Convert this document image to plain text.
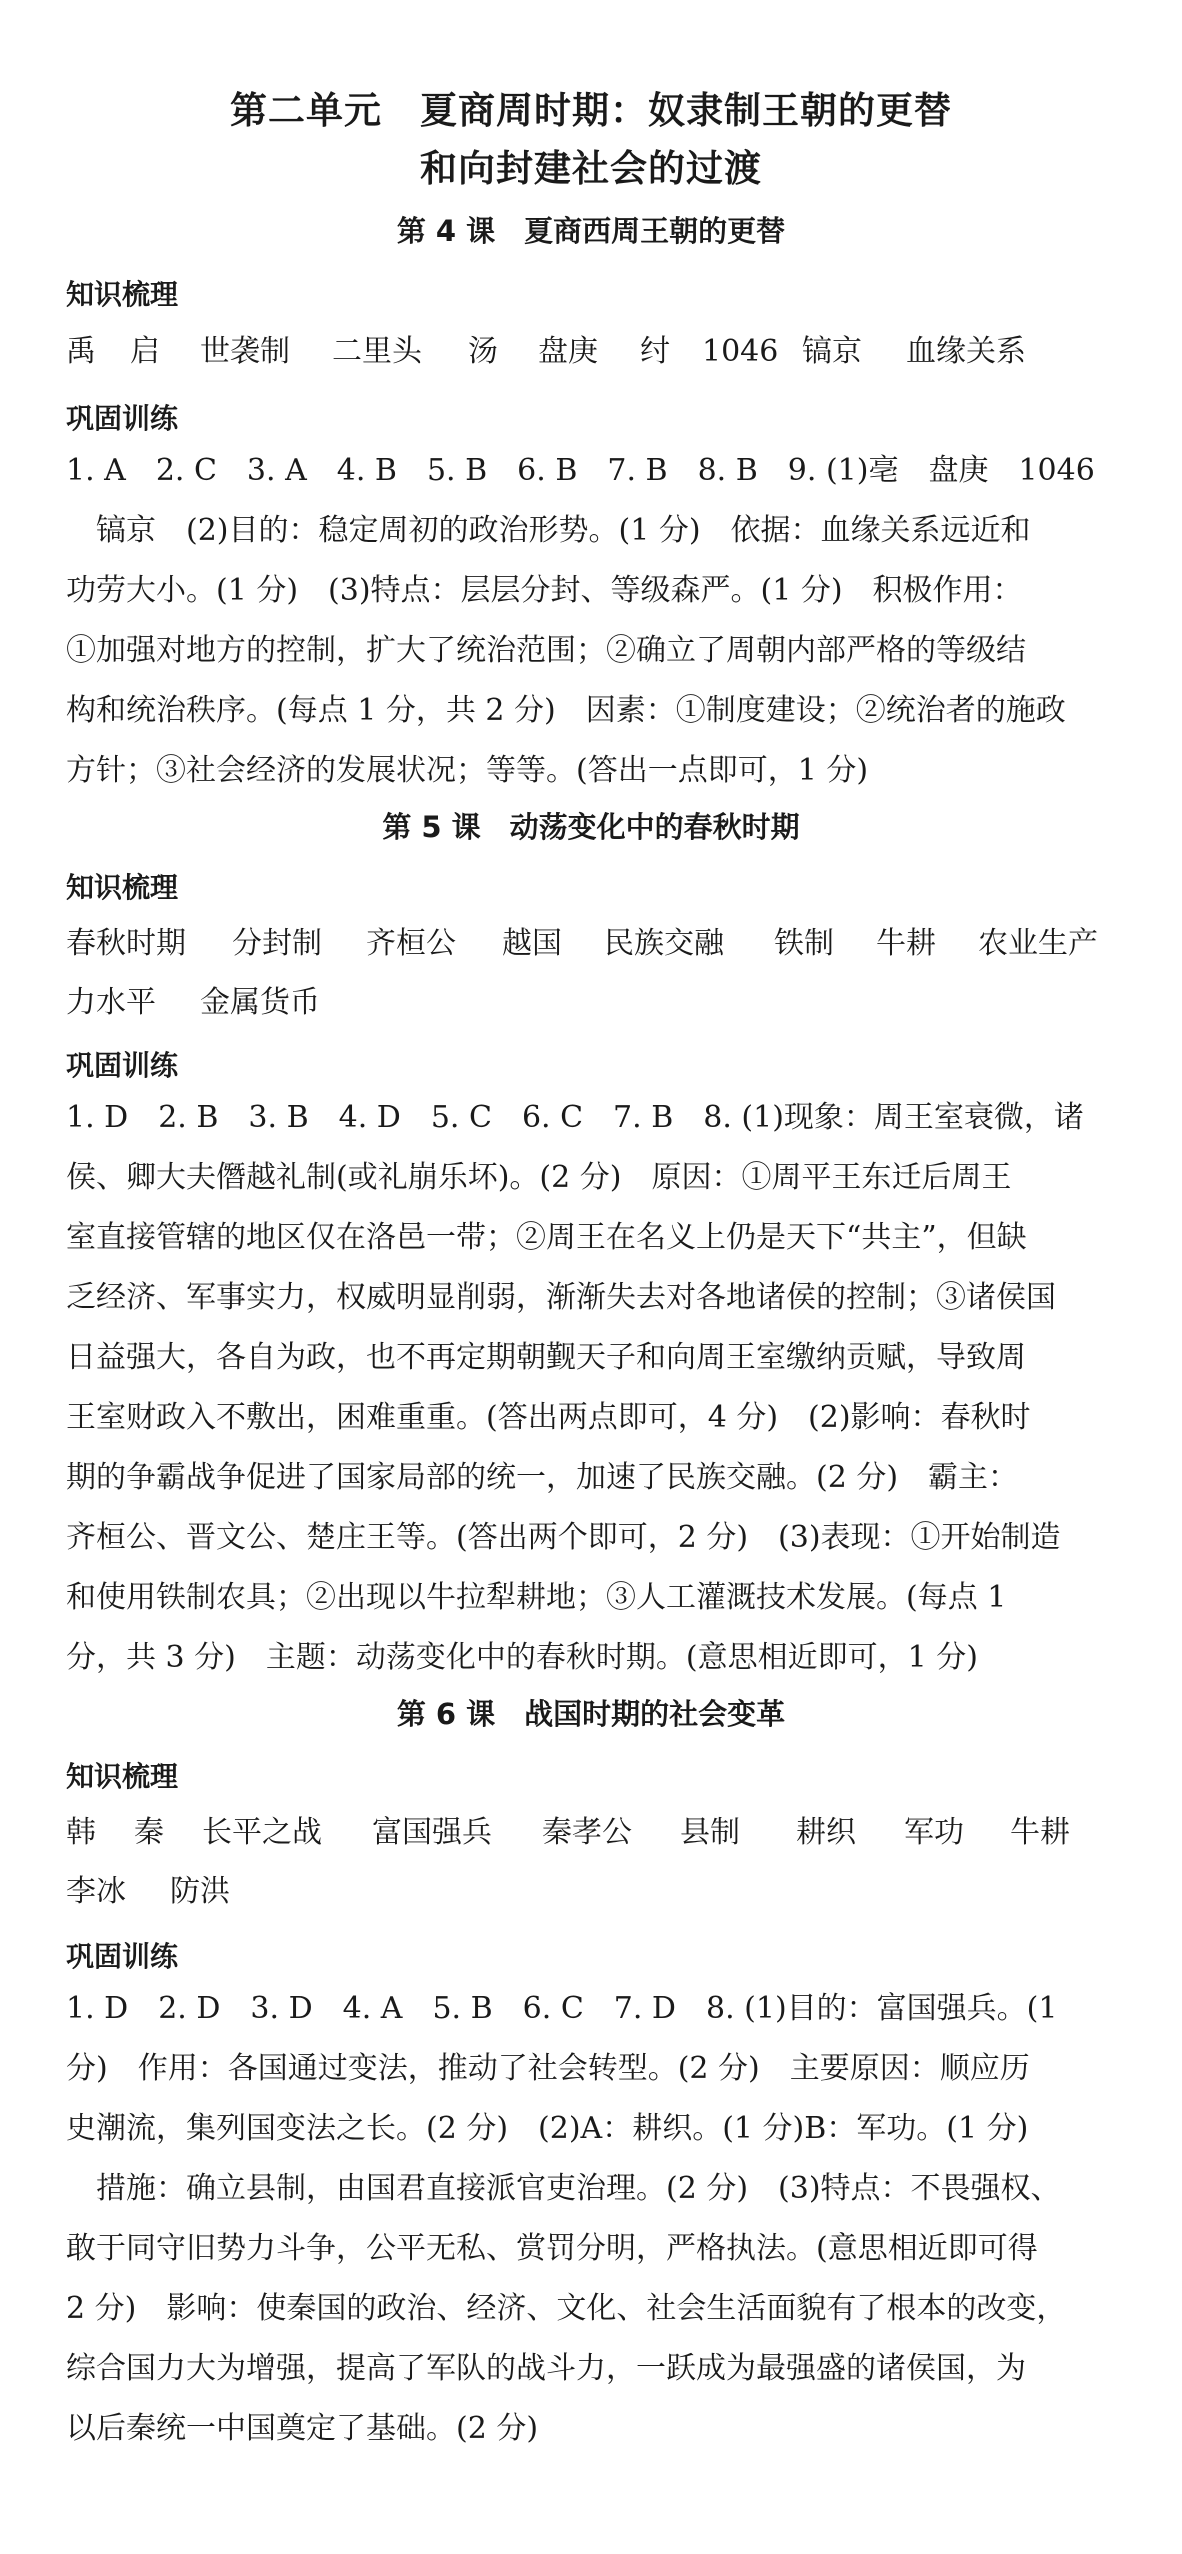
第二单元　夏商周时期：奴隶制王朝的更替
和向封建社会的过渡
第 4 课　夏商西周王朝的更替
知识梳理
禹 启 世袭制 二里头 汤 盘庚 纣 1046 镐京 血缘关系
巩固训练
1. A　2. C　3. A　4. B　5. B　6. B　7. B　8. B　9. (1)亳　盘庚　1046
　镐京　(2)目的：稳定周初的政治形势。(1 分)　依据：血缘关系远近和
功劳大小。(1 分)　(3)特点：层层分封、等级森严。(1 分)　积极作用：
①加强对地方的控制，扩大了统治范围；②确立了周朝内部严格的等级结
构和统治秩序。(每点 1 分，共 2 分)　因素：①制度建设；②统治者的施政
方针；③社会经济的发展状况；等等。(答出一点即可，1 分)
第 5 课　动荡变化中的春秋时期
知识梳理
春秋时期 分封制 齐桓公 越国 民族交融 铁制 牛耕 农业生产
力水平 金属货币
巩固训练
1. D　2. B　3. B　4. D　5. C　6. C　7. B　8. (1)现象：周王室衰微，诸
侯、卿大夫僭越礼制(或礼崩乐坏)。(2 分)　原因：①周平王东迁后周王
室直接管辖的地区仅在洛邑一带；②周王在名义上仍是天下“共主”，但缺
乏经济、军事实力，权威明显削弱，渐渐失去对各地诸侯的控制；③诸侯国
日益强大，各自为政，也不再定期朝觐天子和向周王室缴纳贡赋，导致周
王室财政入不敷出，困难重重。(答出两点即可，4 分)　(2)影响：春秋时
期的争霸战争促进了国家局部的统一，加速了民族交融。(2 分)　霸主：
齐桓公、晋文公、楚庄王等。(答出两个即可，2 分)　(3)表现：①开始制造
和使用铁制农具；②出现以牛拉犁耕地；③人工灌溉技术发展。(每点 1
分，共 3 分)　主题：动荡变化中的春秋时期。(意思相近即可，1 分)
第 6 课　战国时期的社会变革
知识梳理
韩 秦 长平之战 富国强兵 秦孝公 县制 耕织 军功 牛耕
李冰 防洪
巩固训练
1. D　2. D　3. D　4. A　5. B　6. C　7. D　8. (1)目的：富国强兵。(1
分)　作用：各国通过变法，推动了社会转型。(2 分)　主要原因：顺应历
史潮流，集列国变法之长。(2 分)　(2)A：耕织。(1 分)B：军功。(1 分)
　措施：确立县制，由国君直接派官吏治理。(2 分)　(3)特点：不畏强权、
敢于同守旧势力斗争，公平无私、赏罚分明，严格执法。(意思相近即可得
2 分)　影响：使秦国的政治、经济、文化、社会生活面貌有了根本的改变，
综合国力大为增强，提高了军队的战斗力，一跃成为最强盛的诸侯国，为
以后秦统一中国奠定了基础。(2 分)
